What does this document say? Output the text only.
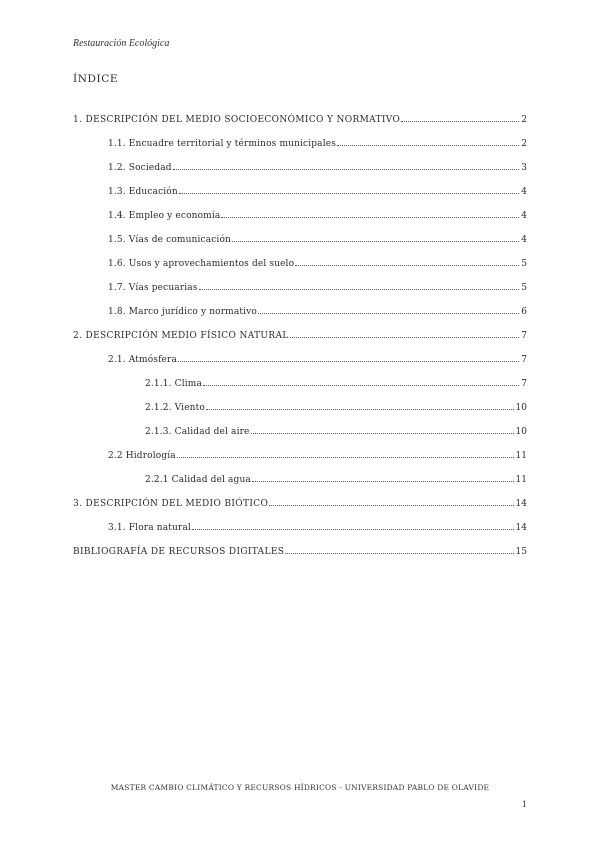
Restauración Ecológica
ÍNDICE
1. DESCRIPCIÓN DEL MEDIO SOCIOECONÓMICO Y NORMATIVO	2
1.1. Encuadre territorial y términos municipales	2
1.2. Sociedad	3
1.3. Educación	4
1.4. Empleo y economía	4
1.5. Vías de comunicación	4
1.6. Usos y aprovechamientos del suelo	5
1.7. Vías pecuarias	5
1.8. Marco jurídico y normativo	6
2. DESCRIPCIÓN MEDIO FÍSICO NATURAL	7
2.1. Atmósfera	7
2.1.1. Clima	7
2.1.2. Viento	10
2.1.3. Calidad del aire	10
2.2 Hidrología	11
2.2.1 Calidad del agua	11
3. DESCRIPCIÓN DEL MEDIO BIÓTICO	14
3.1. Flora natural	14
BIBLIOGRAFÍA DE RECURSOS DIGITALES	15
MASTER CAMBIO CLIMÁTICO Y RECURSOS HÍDRICOS - UNIVERSIDAD PABLO DE OLAVIDE
1
